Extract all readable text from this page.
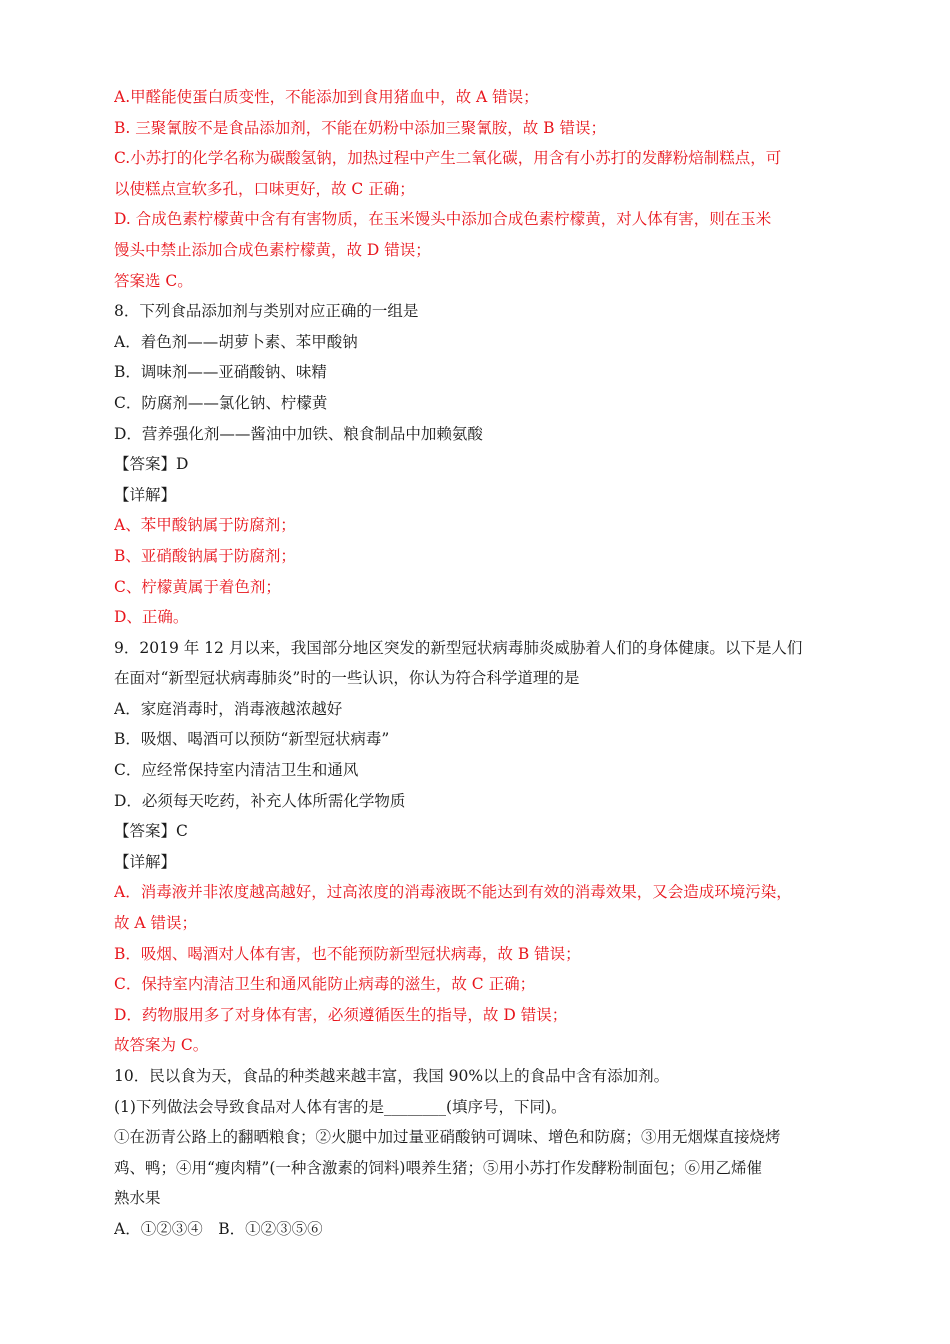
A.甲醛能使蛋白质变性，不能添加到食用猪血中，故 A 错误；
B. 三聚氰胺不是食品添加剂，不能在奶粉中添加三聚氰胺，故 B 错误；
C.小苏打的化学名称为碳酸氢钠，加热过程中产生二氧化碳，用含有小苏打的发酵粉焙制糕点，可
以使糕点宣软多孔，口味更好，故 C 正确；
D. 合成色素柠檬黄中含有有害物质，在玉米馒头中添加合成色素柠檬黄，对人体有害，则在玉米
馒头中禁止添加合成色素柠檬黄，故 D 错误；
答案选 C。
8．下列食品添加剂与类别对应正确的一组是
A．着色剂——胡萝卜素、苯甲酸钠
B．调味剂——亚硝酸钠、味精
C．防腐剂——氯化钠、柠檬黄
D．营养强化剂——酱油中加铁、粮食制品中加赖氨酸
【答案】D
【详解】
A、苯甲酸钠属于防腐剂；
B、亚硝酸钠属于防腐剂；
C、柠檬黄属于着色剂；
D、正确。
9．2019 年 12 月以来，我国部分地区突发的新型冠状病毒肺炎威胁着人们的身体健康。以下是人们
在面对“新型冠状病毒肺炎”时的一些认识，你认为符合科学道理的是
A．家庭消毒时，消毒液越浓越好
B．吸烟、喝酒可以预防“新型冠状病毒”
C．应经常保持室内清洁卫生和通风
D．必须每天吃药，补充人体所需化学物质
【答案】C
【详解】
A．消毒液并非浓度越高越好，过高浓度的消毒液既不能达到有效的消毒效果，又会造成环境污染，
故 A 错误；
B．吸烟、喝酒对人体有害，也不能预防新型冠状病毒，故 B 错误；
C．保持室内清洁卫生和通风能防止病毒的滋生，故 C 正确；
D．药物服用多了对身体有害，必须遵循医生的指导，故 D 错误；
故答案为 C。
10．民以食为天，食品的种类越来越丰富，我国 90%以上的食品中含有添加剂。
(1)下列做法会导致食品对人体有害的是________(填序号，下同)。
①在沥青公路上的翻晒粮食；②火腿中加过量亚硝酸钠可调味、增色和防腐；③用无烟煤直接烧烤
鸡、鸭；④用“瘦肉精”(一种含激素的饲料)喂养生猪；⑤用小苏打作发酵粉制面包；⑥用乙烯催
熟水果
A．①②③④　B．①②③⑤⑥
